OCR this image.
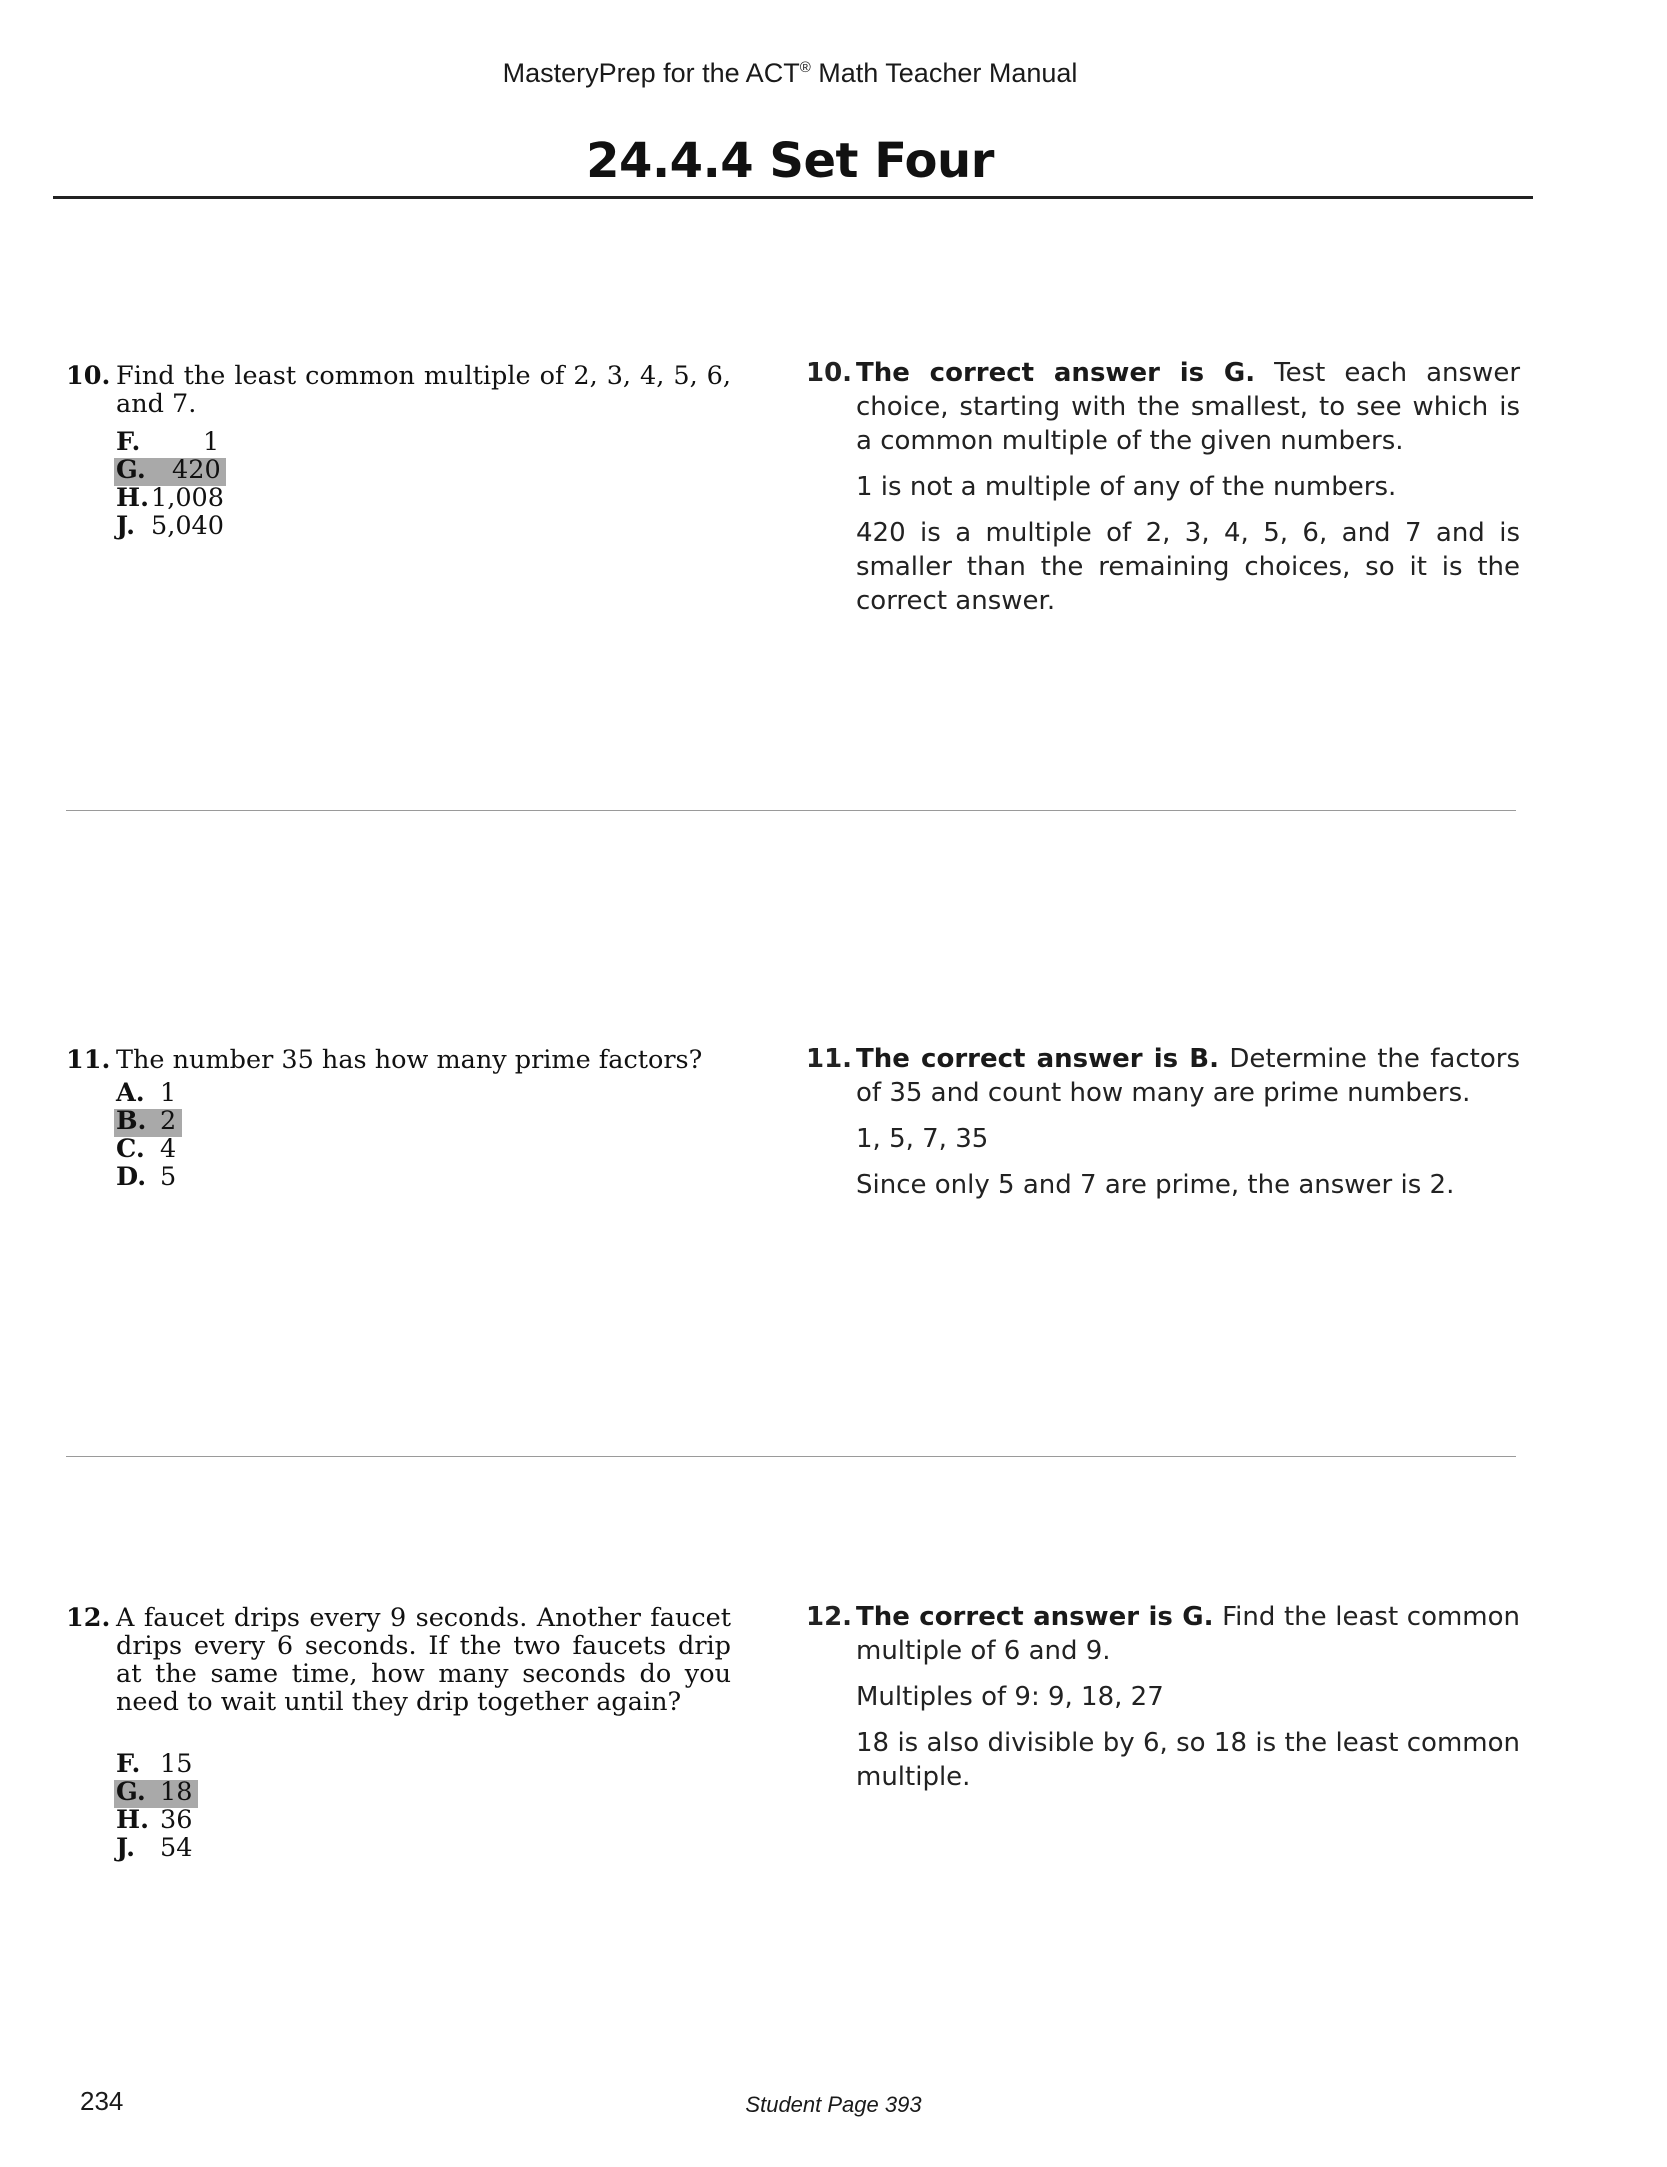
MasteryPrep for the ACT® Math Teacher Manual
24.4.4 Set Four
10. Find the least common multiple of 2, 3, 4, 5, 6, and 7.
F. 1
G. 420
H. 1,008
J. 5,040
10. The correct answer is G. Test each answer choice, starting with the smallest, to see which is a common multiple of the given numbers.

1 is not a multiple of any of the numbers.

420 is a multiple of 2, 3, 4, 5, 6, and 7 and is smaller than the remaining choices, so it is the correct answer.

11. The number 35 has how many prime factors?
A. 1
B. 2
C. 4
D. 5
11. The correct answer is B. Determine the factors of 35 and count how many are prime numbers.

1, 5, 7, 35

Since only 5 and 7 are prime, the answer is 2.

12. A faucet drips every 9 seconds. Another faucet drips every 6 seconds. If the two faucets drip at the same time, how many seconds do you need to wait until they drip together again?
F. 15
G. 18
H. 36
J. 54
12. The correct answer is G. Find the least common multiple of 6 and 9.

Multiples of 9: 9, 18, 27

18 is also divisible by 6, so 18 is the least common multiple.

234	Student Page 393
